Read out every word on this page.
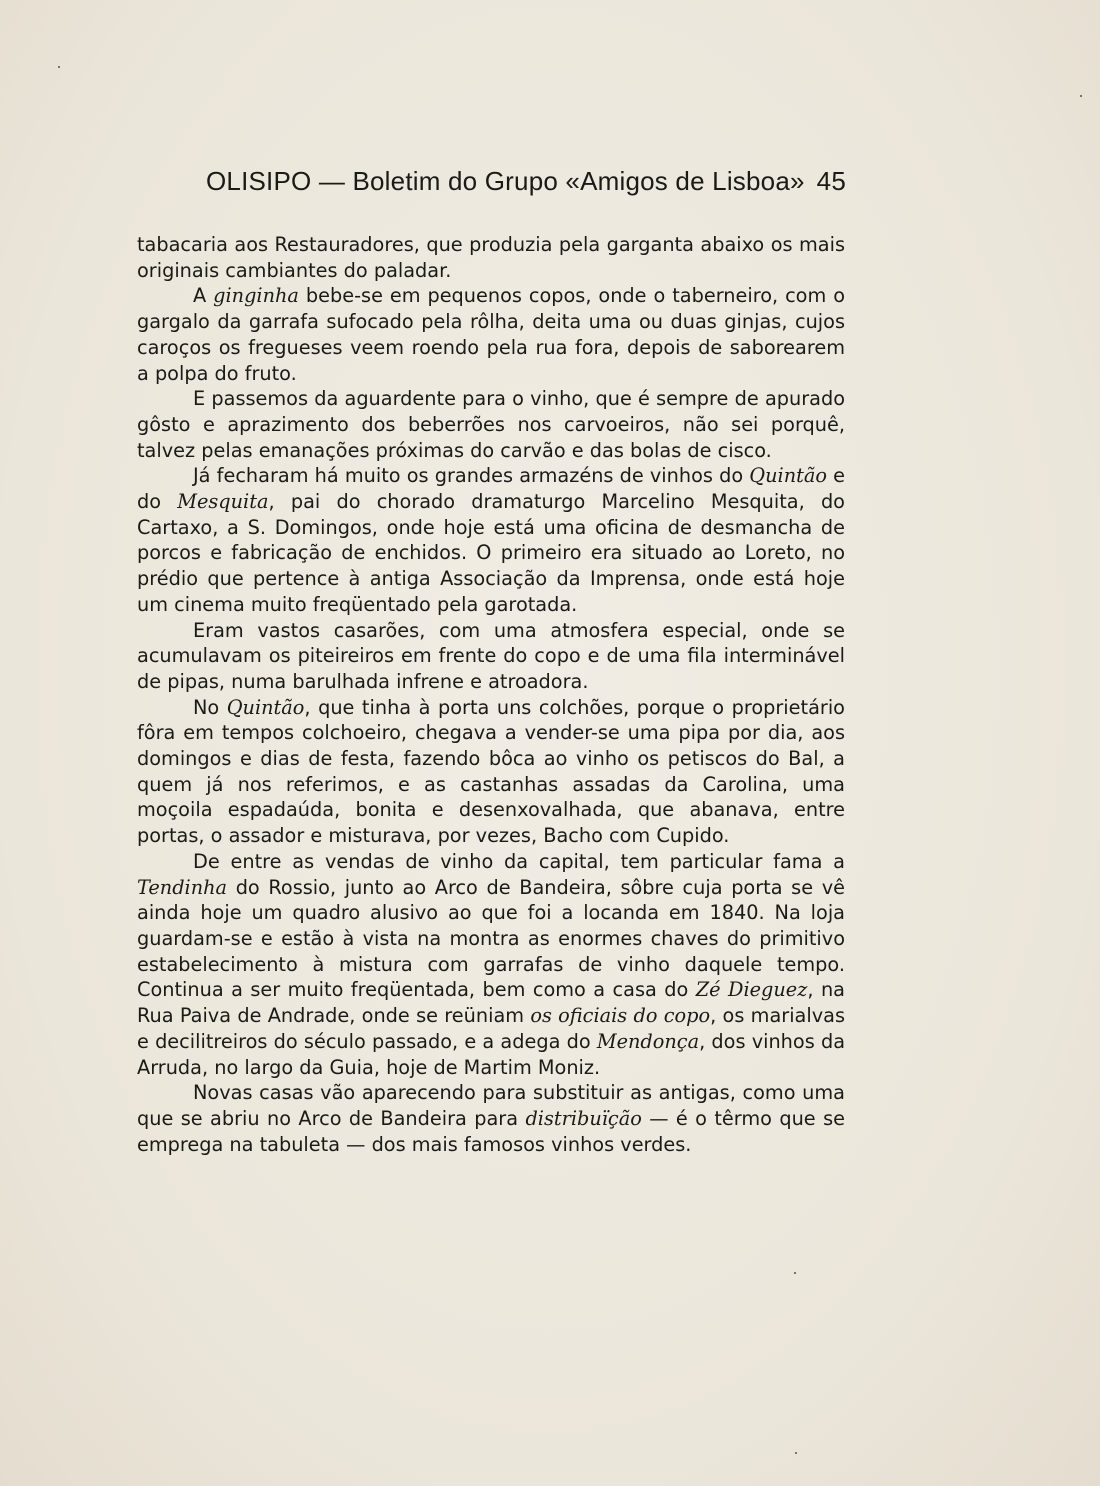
OLISIPO — Boletim do Grupo «Amigos de Lisboa» 45

tabacaria aos Restauradores, que produzia pela garganta abaixo os mais originais cambiantes do paladar.

A ginginha bebe-se em pequenos copos, onde o taberneiro, com o gargalo da garrafa sufocado pela rôlha, deita uma ou duas ginjas, cujos caroços os fregueses veem roendo pela rua fora, depois de saborearem a polpa do fruto.

E passemos da aguardente para o vinho, que é sempre de apurado gôsto e aprazimento dos beberrões nos carvoeiros, não sei porquê, talvez pelas emanações próximas do carvão e das bolas de cisco.

Já fecharam há muito os grandes armazéns de vinhos do Quintão e do Mesquita, pai do chorado dramaturgo Marcelino Mesquita, do Cartaxo, a S. Domingos, onde hoje está uma oficina de desmancha de porcos e fabricação de enchidos. O primeiro era situado ao Loreto, no prédio que pertence à antiga Associação da Imprensa, onde está hoje um cinema muito freqüentado pela garotada.

Eram vastos casarões, com uma atmosfera especial, onde se acumulavam os piteireiros em frente do copo e de uma fila interminável de pipas, numa barulhada infrene e atroadora.

No Quintão, que tinha à porta uns colchões, porque o proprietário fôra em tempos colchoeiro, chegava a vender-se uma pipa por dia, aos domingos e dias de festa, fazendo bôca ao vinho os petiscos do Bal, a quem já nos referimos, e as castanhas assadas da Carolina, uma moçoila espadaúda, bonita e desenxovalhada, que abanava, entre portas, o assador e misturava, por vezes, Bacho com Cupido.

De entre as vendas de vinho da capital, tem particular fama a Tendinha do Rossio, junto ao Arco de Bandeira, sôbre cuja porta se vê ainda hoje um quadro alusivo ao que foi a locanda em 1840. Na loja guardam-se e estão à vista na montra as enormes chaves do primitivo estabelecimento à mistura com garrafas de vinho daquele tempo. Continua a ser muito freqüentada, bem como a casa do Zé Dieguez, na Rua Paiva de Andrade, onde se reüniam os oficiais do copo, os marialvas e decilitreiros do século passado, e a adega do Mendonça, dos vinhos da Arruda, no largo da Guia, hoje de Martim Moniz.

Novas casas vão aparecendo para substituir as antigas, como uma que se abriu no Arco de Bandeira para distribuïção — é o têrmo que se emprega na tabuleta — dos mais famosos vinhos verdes.
